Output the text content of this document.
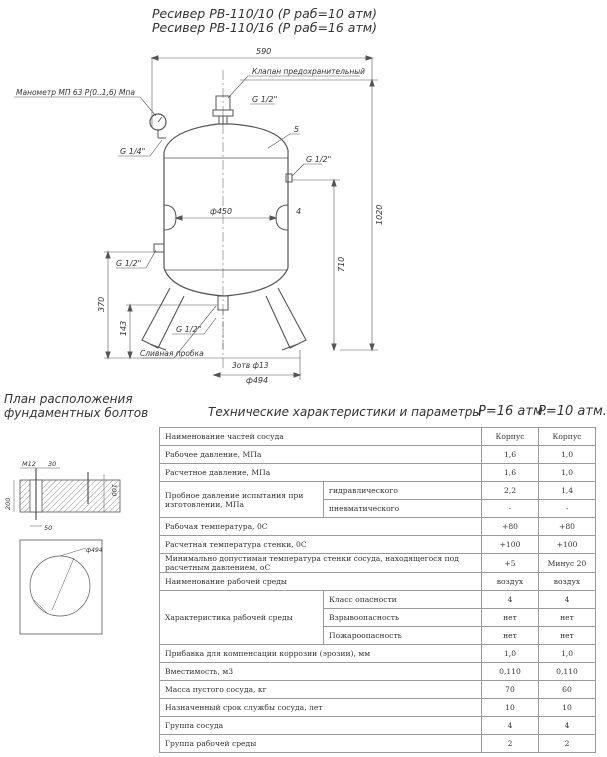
Ресивер РВ-110/10 (Р раб=10 атм)
Ресивер РВ-110/16 (Р раб=16 атм)
590
Манометр МП 63 Р(0..1,6) Мпа
Клапан предохранительный
G 1/2"
G 1/4"
5
G 1/2"
ф450	4
G 1/2"
G 1/2"
Сливная пробка
3отв ф13
ф494
1020
710
370
143
План расположения
фундаментных болтов
М12 30
100
200
50
ф494
Технические характеристики и параметры
Р=16 атм.
Р=10 атм.
Наименование частей сосуда		Корпус	Корпус
Рабочее давление, МПа		1,6	1,0
Расчетное давление, МПа		1,6	1,0
Пробное давление испытания при изготовлении, МПа	гидравлического	2,2	1,4
	пневматического	-	-
Рабочая температура, 0С		+80	+80
Расчетная температура стенки, 0С		+100	+100
Минимально допустимая температура стенки сосуда, находящегося под расчетным давлением, оС		+5	Минус 20
Наименование рабочей среды		воздух	воздух
Характеристика рабочей среды	Класс опасности	4	4
	Взрывоопасность	нет	нет
	Пожароопасность	нет	нет
Прибавка для компенсации коррозии (эрозии), мм		1,0	1,0
Вместимость, м3		0,110	0,110
Масса пустого сосуда, кг		70	60
Назначенный срок службы сосуда, лет		10	10
Группа сосуда		4	4
Группа рабочей среды		2	2
